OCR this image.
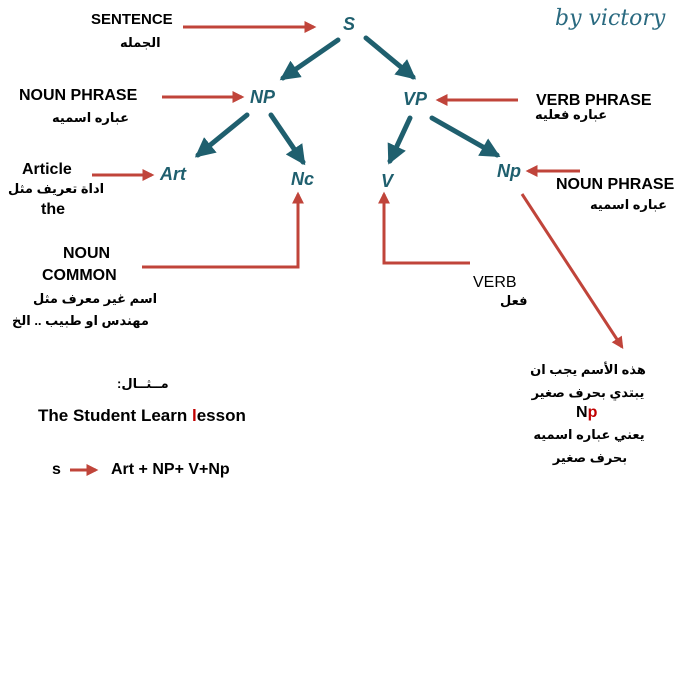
by victory
S
NP	VP
Art	Nc	V	Np
SENTENCE
الجمله
NOUN PHRASE
عباره اسميه
VERB PHRASE
عباره فعليه
Article
اداة تعريف مثل
the
NOUN PHRASE
عباره اسميه
NOUN
COMMON
اسم غير معرف مثل
مهندس او طبيب .. الخ
VERB
فعل
هذه الأسم يجب ان
يبتدي بحرف صغير
Np
يعني عباره اسميه
بحرف صغير
مــثــال:
The Student Learn lesson
s	Art + NP+ V+Np
